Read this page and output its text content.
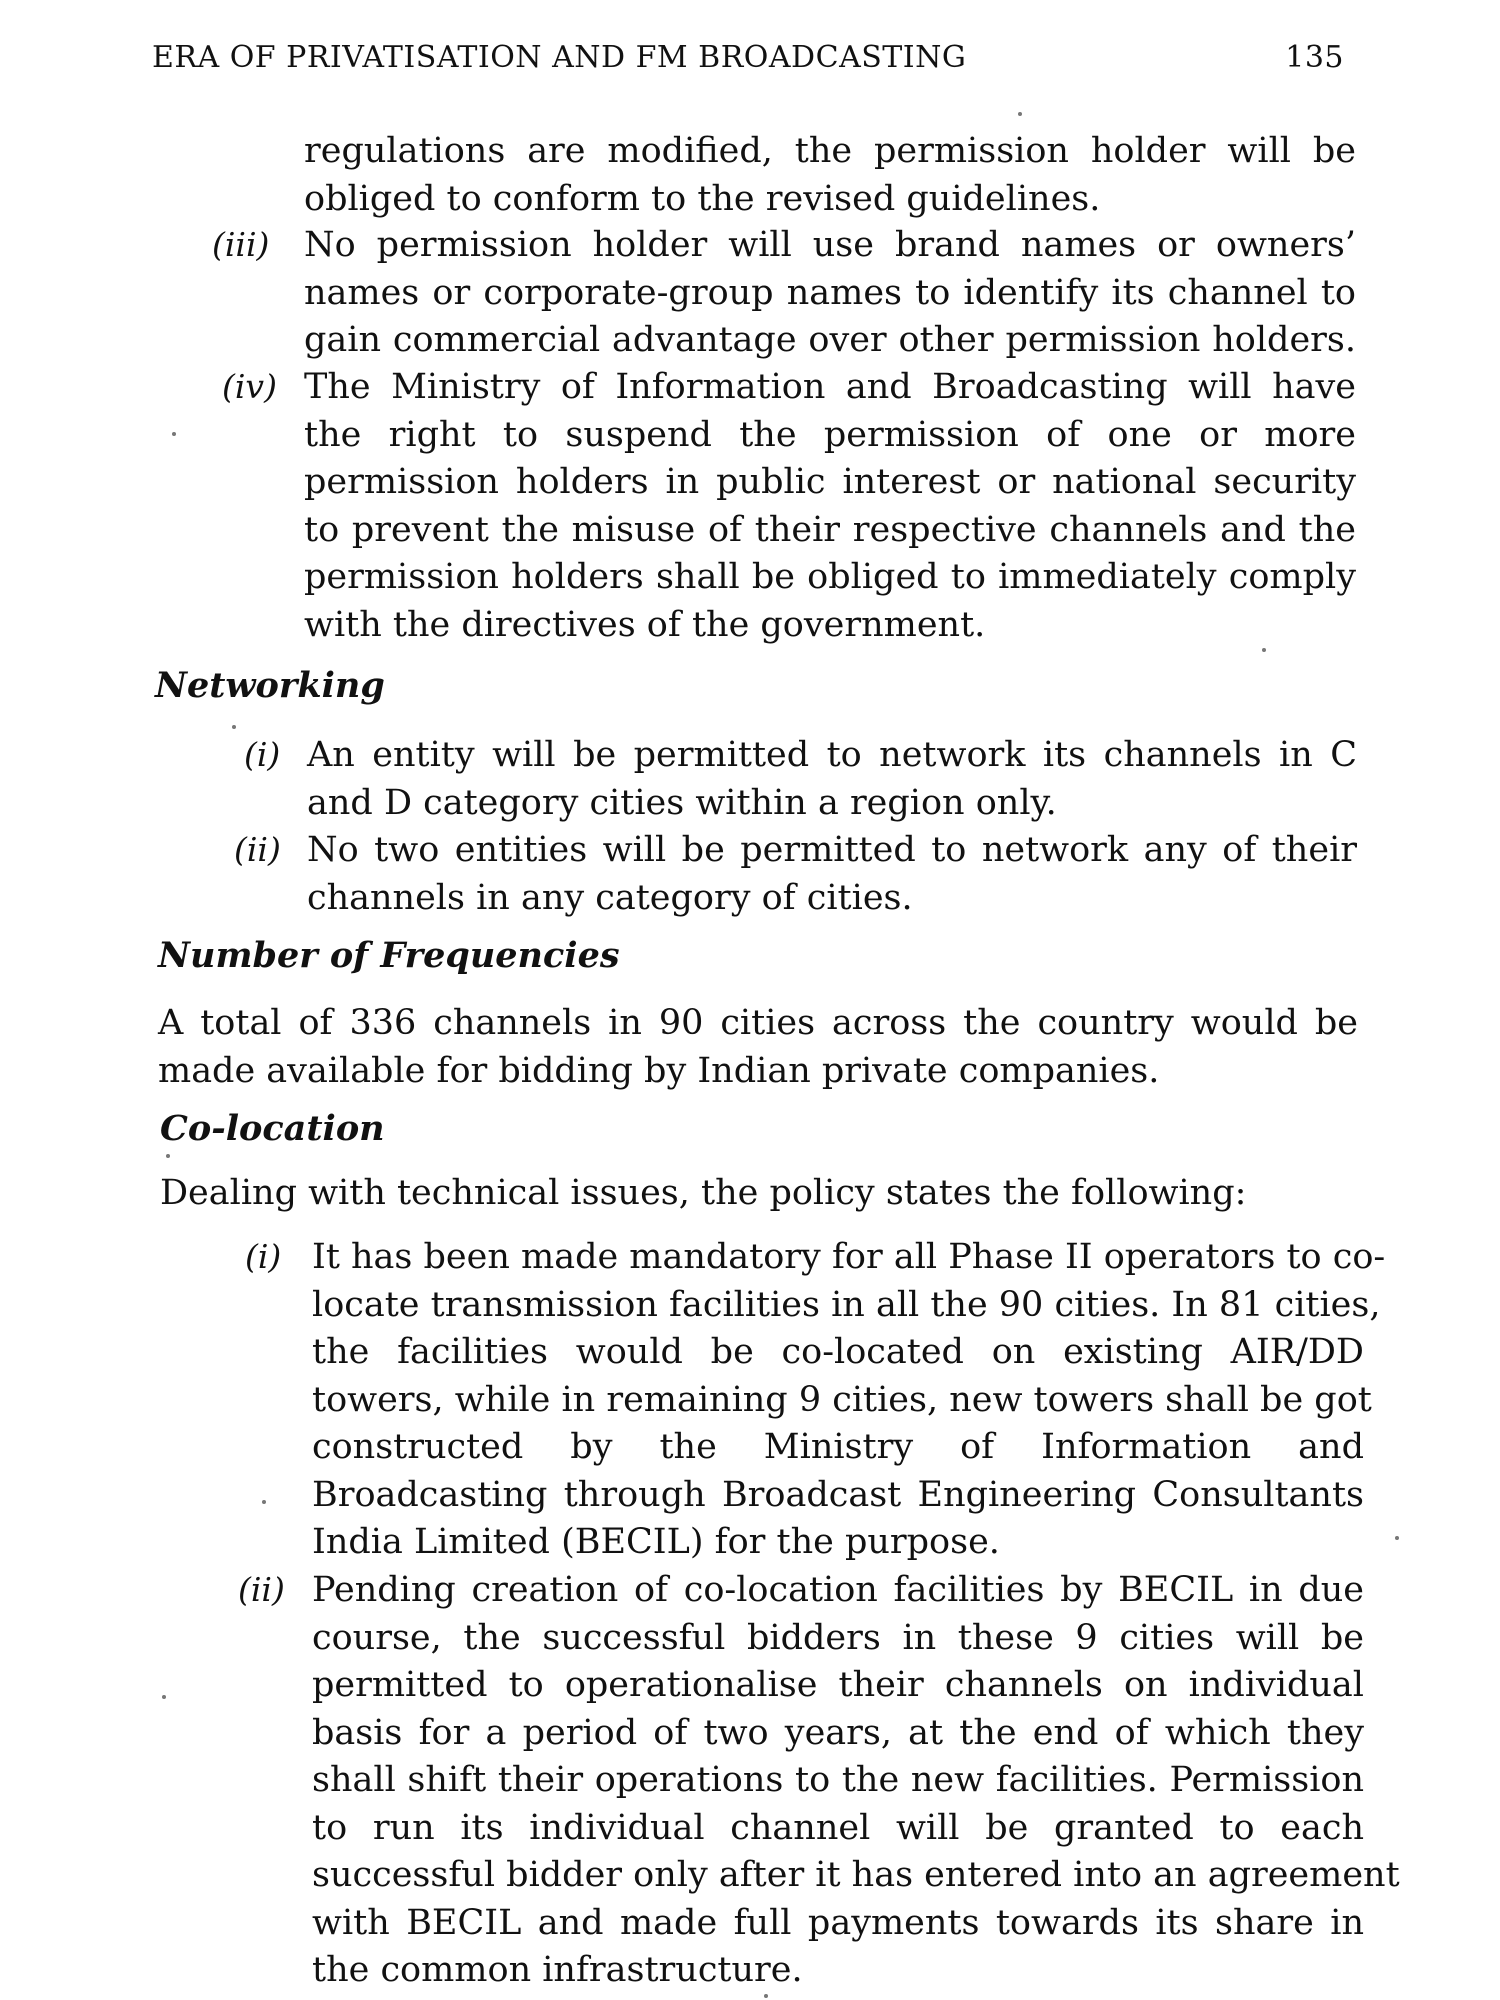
ERA OF PRIVATISATION AND FM BROADCASTING	135
regulations are modified, the permission holder will be
obliged to conform to the revised guidelines.
(iii) No permission holder will use brand names or owners’
names or corporate-group names to identify its channel to
gain commercial advantage over other permission holders.
(iv) The Ministry of Information and Broadcasting will have
the right to suspend the permission of one or more
permission holders in public interest or national security
to prevent the misuse of their respective channels and the
permission holders shall be obliged to immediately comply
with the directives of the government.
Networking
(i) An entity will be permitted to network its channels in C
and D category cities within a region only.
(ii) No two entities will be permitted to network any of their
channels in any category of cities.
Number of Frequencies
A total of 336 channels in 90 cities across the country would be
made available for bidding by Indian private companies.
Co-location
Dealing with technical issues, the policy states the following:
(i) It has been made mandatory for all Phase II operators to co-
locate transmission facilities in all the 90 cities. In 81 cities,
the facilities would be co-located on existing AIR/DD
towers, while in remaining 9 cities, new towers shall be got
constructed by the Ministry of Information and
Broadcasting through Broadcast Engineering Consultants
India Limited (BECIL) for the purpose.
(ii) Pending creation of co-location facilities by BECIL in due
course, the successful bidders in these 9 cities will be
permitted to operationalise their channels on individual
basis for a period of two years, at the end of which they
shall shift their operations to the new facilities. Permission
to run its individual channel will be granted to each
successful bidder only after it has entered into an agreement
with BECIL and made full payments towards its share in
the common infrastructure.
